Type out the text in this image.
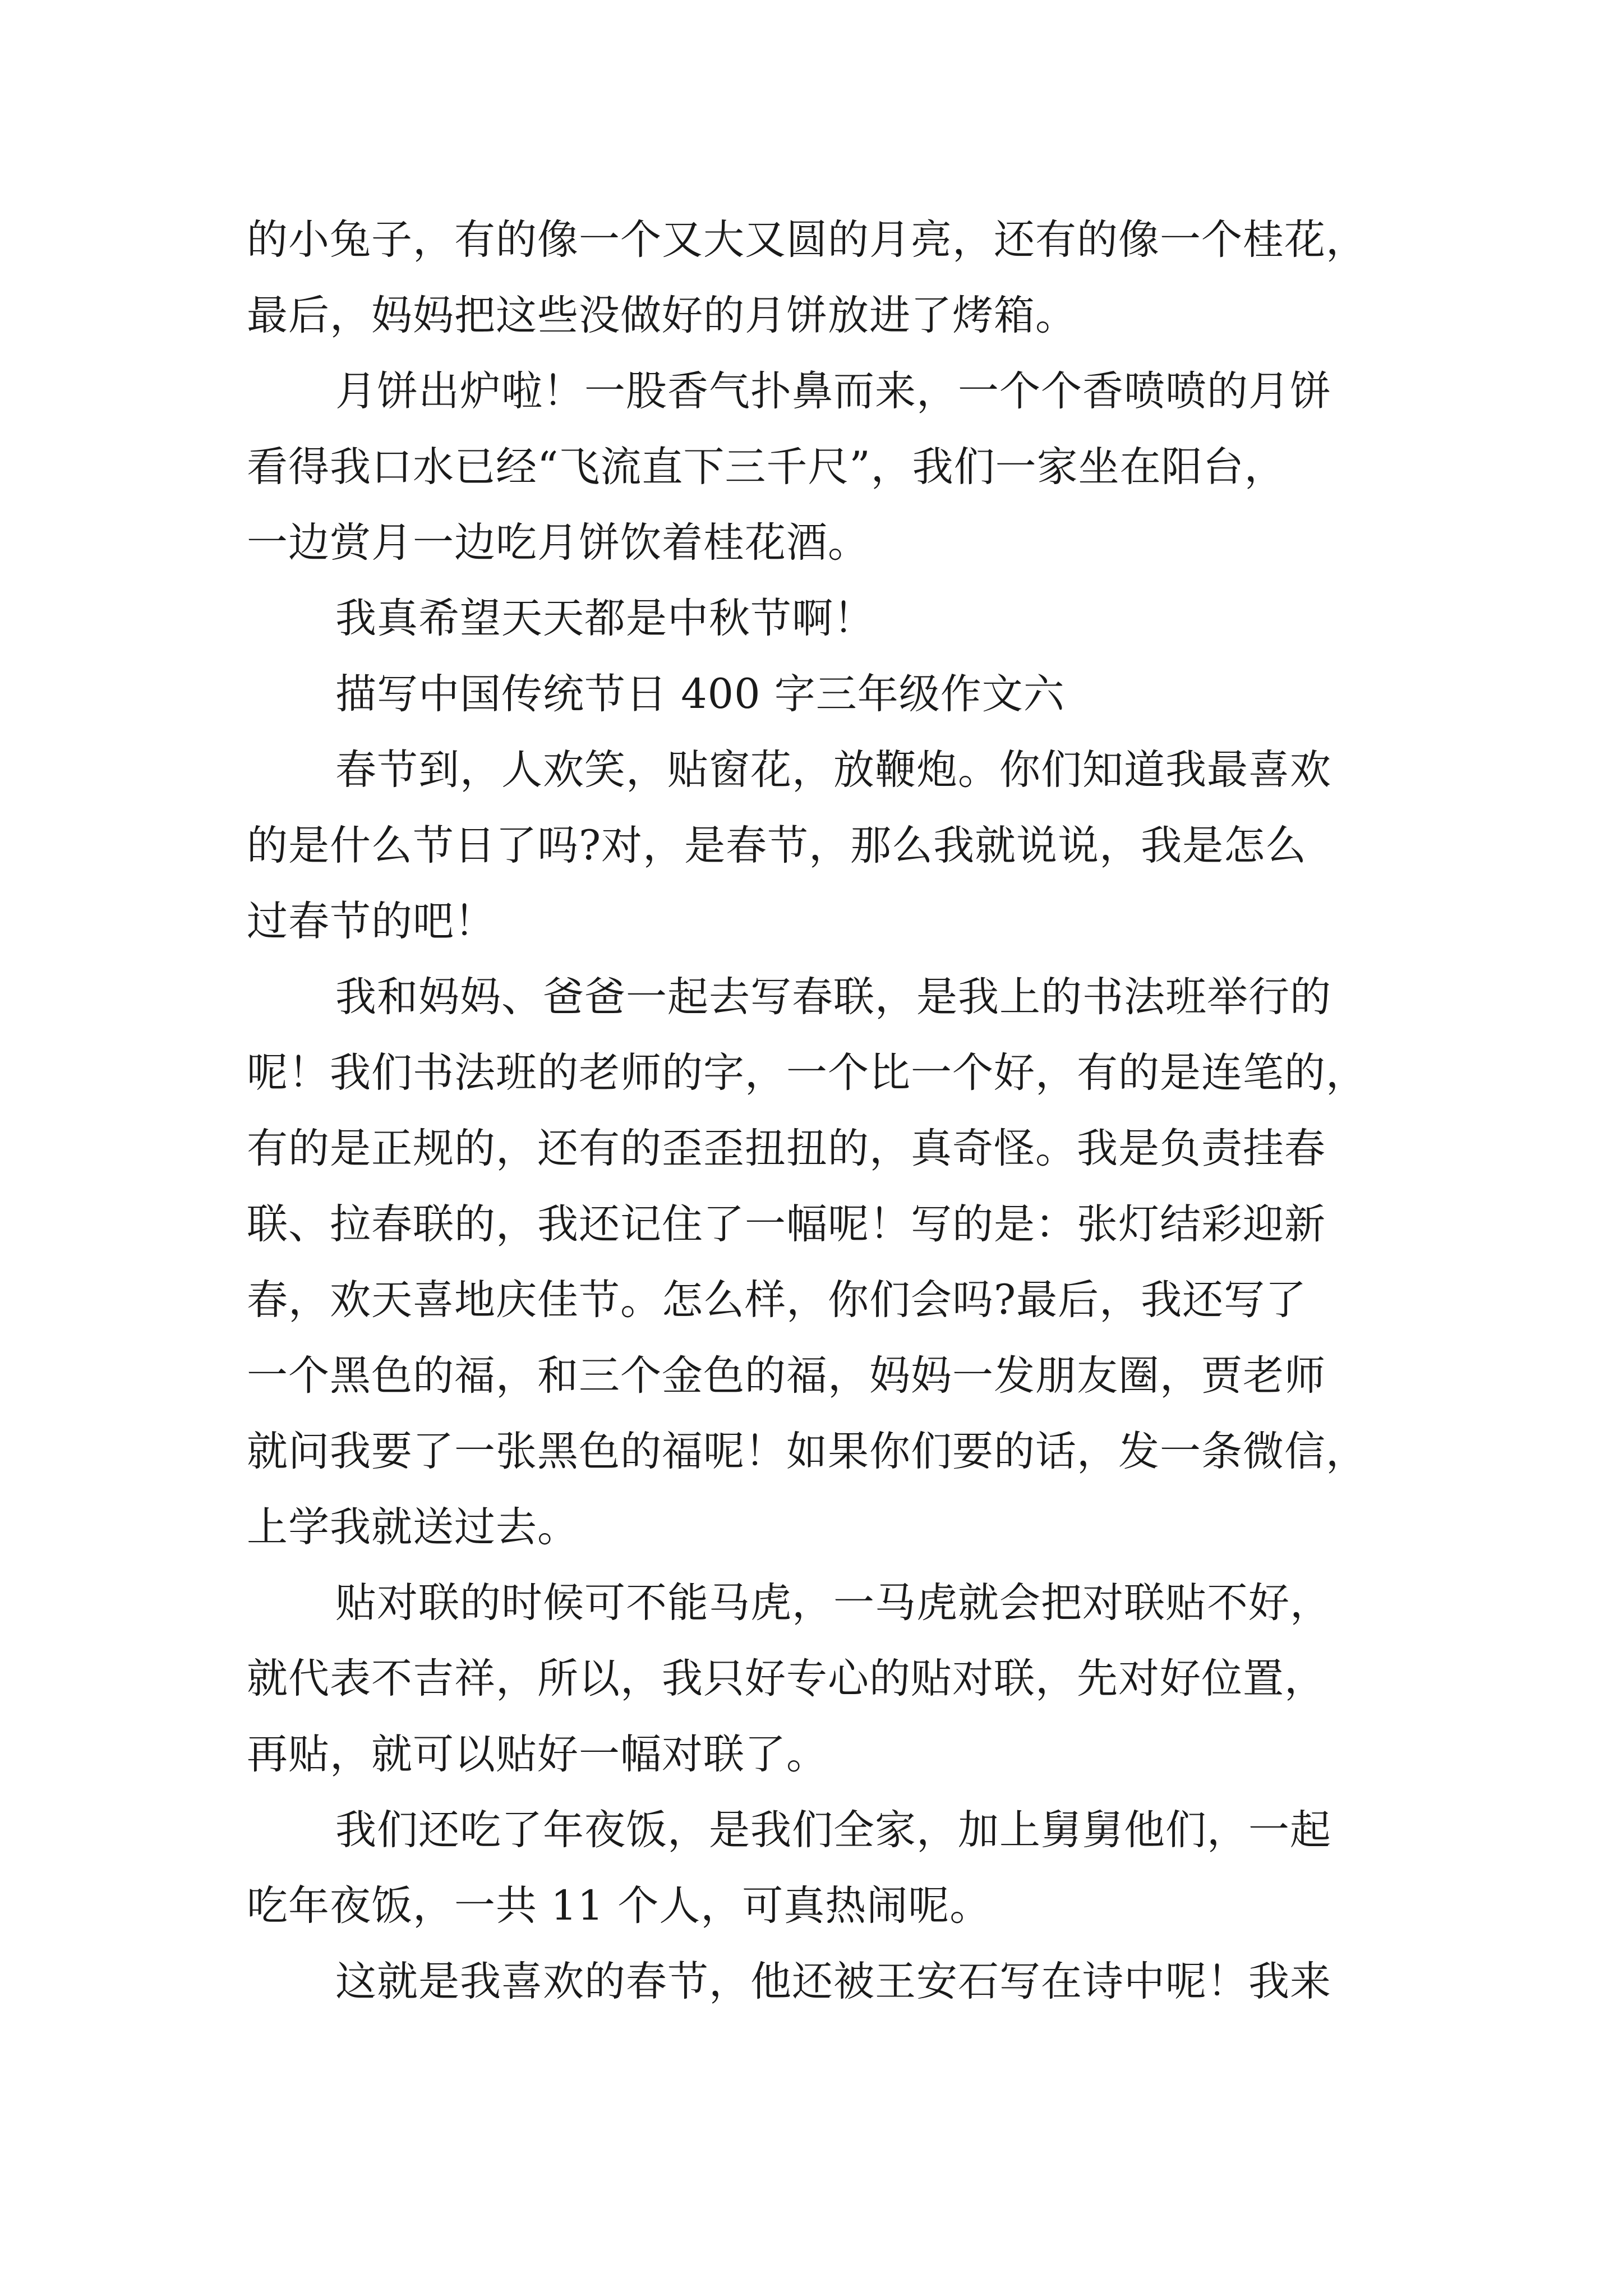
的小兔子，有的像一个又大又圆的月亮，还有的像一个桂花，
最后，妈妈把这些没做好的月饼放进了烤箱。
月饼出炉啦！一股香气扑鼻而来，一个个香喷喷的月饼
看得我口水已经“飞流直下三千尺”，我们一家坐在阳台，
一边赏月一边吃月饼饮着桂花酒。
我真希望天天都是中秋节啊！
描写中国传统节日 400 字三年级作文六
春节到，人欢笑，贴窗花，放鞭炮。你们知道我最喜欢
的是什么节日了吗?对，是春节，那么我就说说，我是怎么
过春节的吧！
我和妈妈、爸爸一起去写春联，是我上的书法班举行的
呢！我们书法班的老师的字，一个比一个好，有的是连笔的，
有的是正规的，还有的歪歪扭扭的，真奇怪。我是负责挂春
联、拉春联的，我还记住了一幅呢！写的是：张灯结彩迎新
春，欢天喜地庆佳节。怎么样，你们会吗?最后，我还写了
一个黑色的福，和三个金色的福，妈妈一发朋友圈，贾老师
就问我要了一张黑色的福呢！如果你们要的话，发一条微信，
上学我就送过去。
贴对联的时候可不能马虎，一马虎就会把对联贴不好，
就代表不吉祥，所以，我只好专心的贴对联，先对好位置，
再贴，就可以贴好一幅对联了。
我们还吃了年夜饭，是我们全家，加上舅舅他们，一起
吃年夜饭，一共 11 个人，可真热闹呢。
这就是我喜欢的春节，他还被王安石写在诗中呢！我来
